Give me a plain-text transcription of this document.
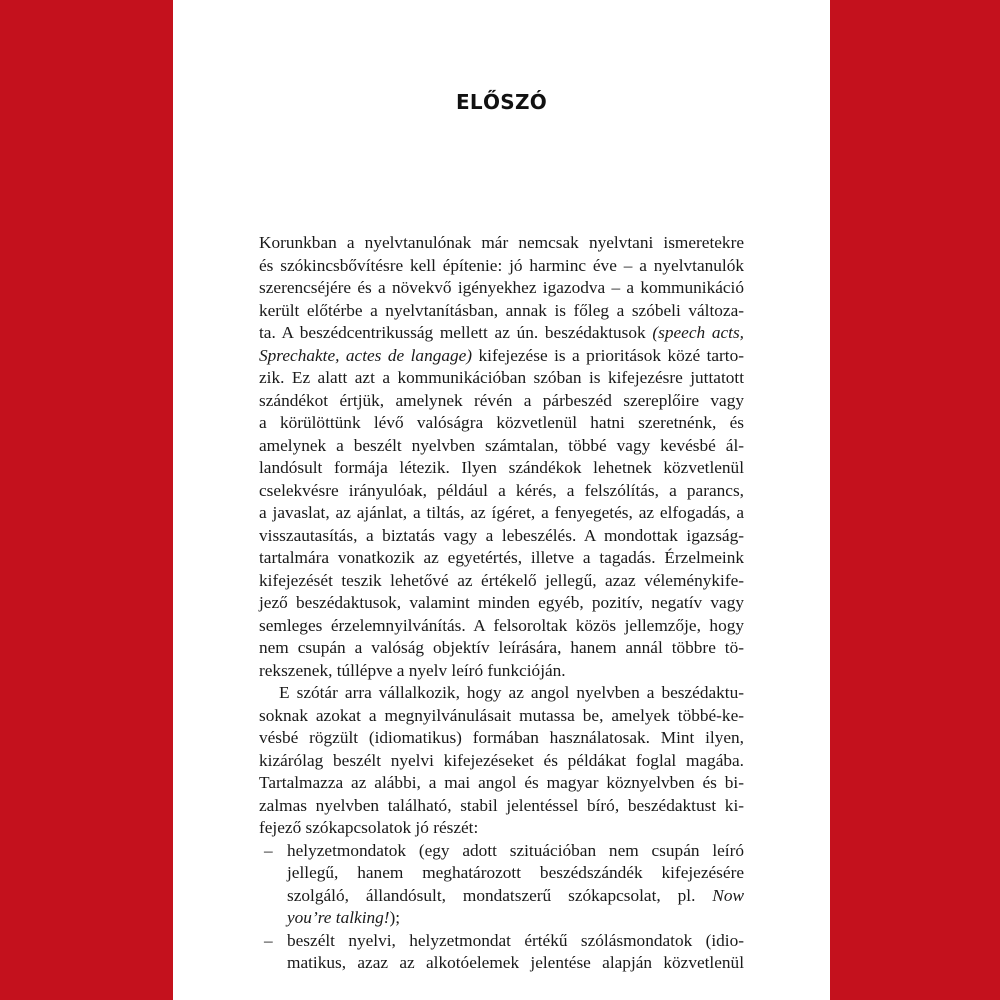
ELŐSZÓ
Korunkban a nyelvtanulónak már nemcsak nyelvtani ismeretekre
és szókincsbővítésre kell építenie: jó harminc éve – a nyelvtanulók
szerencséjére és a növekvő igényekhez igazodva – a kommunikáció
került előtérbe a nyelvtanításban, annak is főleg a szóbeli változa-
ta. A beszédcentrikusság mellett az ún. beszédaktusok (speech acts,
Sprechakte, actes de langage) kifejezése is a prioritások közé tarto-
zik. Ez alatt azt a kommunikációban szóban is kifejezésre juttatott
szándékot értjük, amelynek révén a párbeszéd szereplőire vagy
a körülöttünk lévő valóságra közvetlenül hatni szeretnénk, és
amelynek a beszélt nyelvben számtalan, többé vagy kevésbé ál-
landósult formája létezik. Ilyen szándékok lehetnek közvetlenül
cselekvésre irányulóak, például a kérés, a felszólítás, a parancs,
a javaslat, az ajánlat, a tiltás, az ígéret, a fenyegetés, az elfogadás, a
visszautasítás, a biztatás vagy a lebeszélés. A mondottak igazság-
tartalmára vonatkozik az egyetértés, illetve a tagadás. Érzelmeink
kifejezését teszik lehetővé az értékelő jellegű, azaz véleménykife-
jező beszédaktusok, valamint minden egyéb, pozitív, negatív vagy
semleges érzelemnyilvánítás. A felsoroltak közös jellemzője, hogy
nem csupán a valóság objektív leírására, hanem annál többre tö-
rekszenek, túllépve a nyelv leíró funkcióján.
E szótár arra vállalkozik, hogy az angol nyelvben a beszédaktu-
soknak azokat a megnyilvánulásait mutassa be, amelyek többé-ke-
vésbé rögzült (idiomatikus) formában használatosak. Mint ilyen,
kizárólag beszélt nyelvi kifejezéseket és példákat foglal magába.
Tartalmazza az alábbi, a mai angol és magyar köznyelvben és bi-
zalmas nyelvben található, stabil jelentéssel bíró, beszédaktust ki-
fejező szókapcsolatok jó részét:
– helyzetmondatok (egy adott szituációban nem csupán leíró
jellegű, hanem meghatározott beszédszándék kifejezésére
szolgáló, állandósult, mondatszerű szókapcsolat, pl. Now
you’re talking!);
– beszélt nyelvi, helyzetmondat értékű szólásmondatok (idio-
matikus, azaz az alkotóelemek jelentése alapján közvetlenül
